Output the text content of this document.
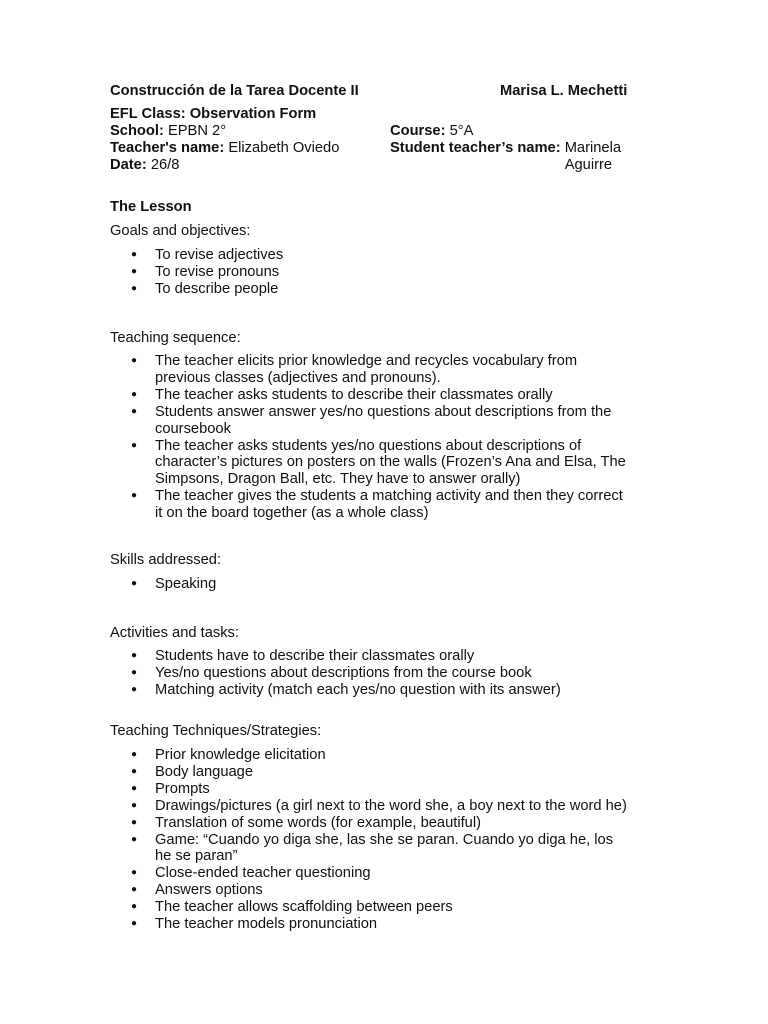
Construcción de la Tarea Docente II	Marisa L. Mechetti
EFL Class: Observation Form
School: EPBN 2°	Course: 5°A
Teacher's name: Elizabeth Oviedo	Student teacher’s name: Marinela Aguirre
Date: 26/8
The Lesson
Goals and objectives:
● To revise adjectives
● To revise pronouns
● To describe people
Teaching sequence:
● The teacher elicits prior knowledge and recycles vocabulary from
previous classes (adjectives and pronouns).
● The teacher asks students to describe their classmates orally
● Students answer answer yes/no questions about descriptions from the
coursebook
● The teacher asks students yes/no questions about descriptions of
character’s pictures on posters on the walls (Frozen’s Ana and Elsa, The
Simpsons, Dragon Ball, etc. They have to answer orally)
● The teacher gives the students a matching activity and then they correct
it on the board together (as a whole class)
Skills addressed:
● Speaking
Activities and tasks:
● Students have to describe their classmates orally
● Yes/no questions about descriptions from the course book
● Matching activity (match each yes/no question with its answer)
Teaching Techniques/Strategies:
● Prior knowledge elicitation
● Body language
● Prompts
● Drawings/pictures (a girl next to the word she, a boy next to the word he)
● Translation of some words (for example, beautiful)
● Game: “Cuando yo diga she, las she se paran. Cuando yo diga he, los
he se paran”
● Close-ended teacher questioning
● Answers options
● The teacher allows scaffolding between peers
● The teacher models pronunciation
